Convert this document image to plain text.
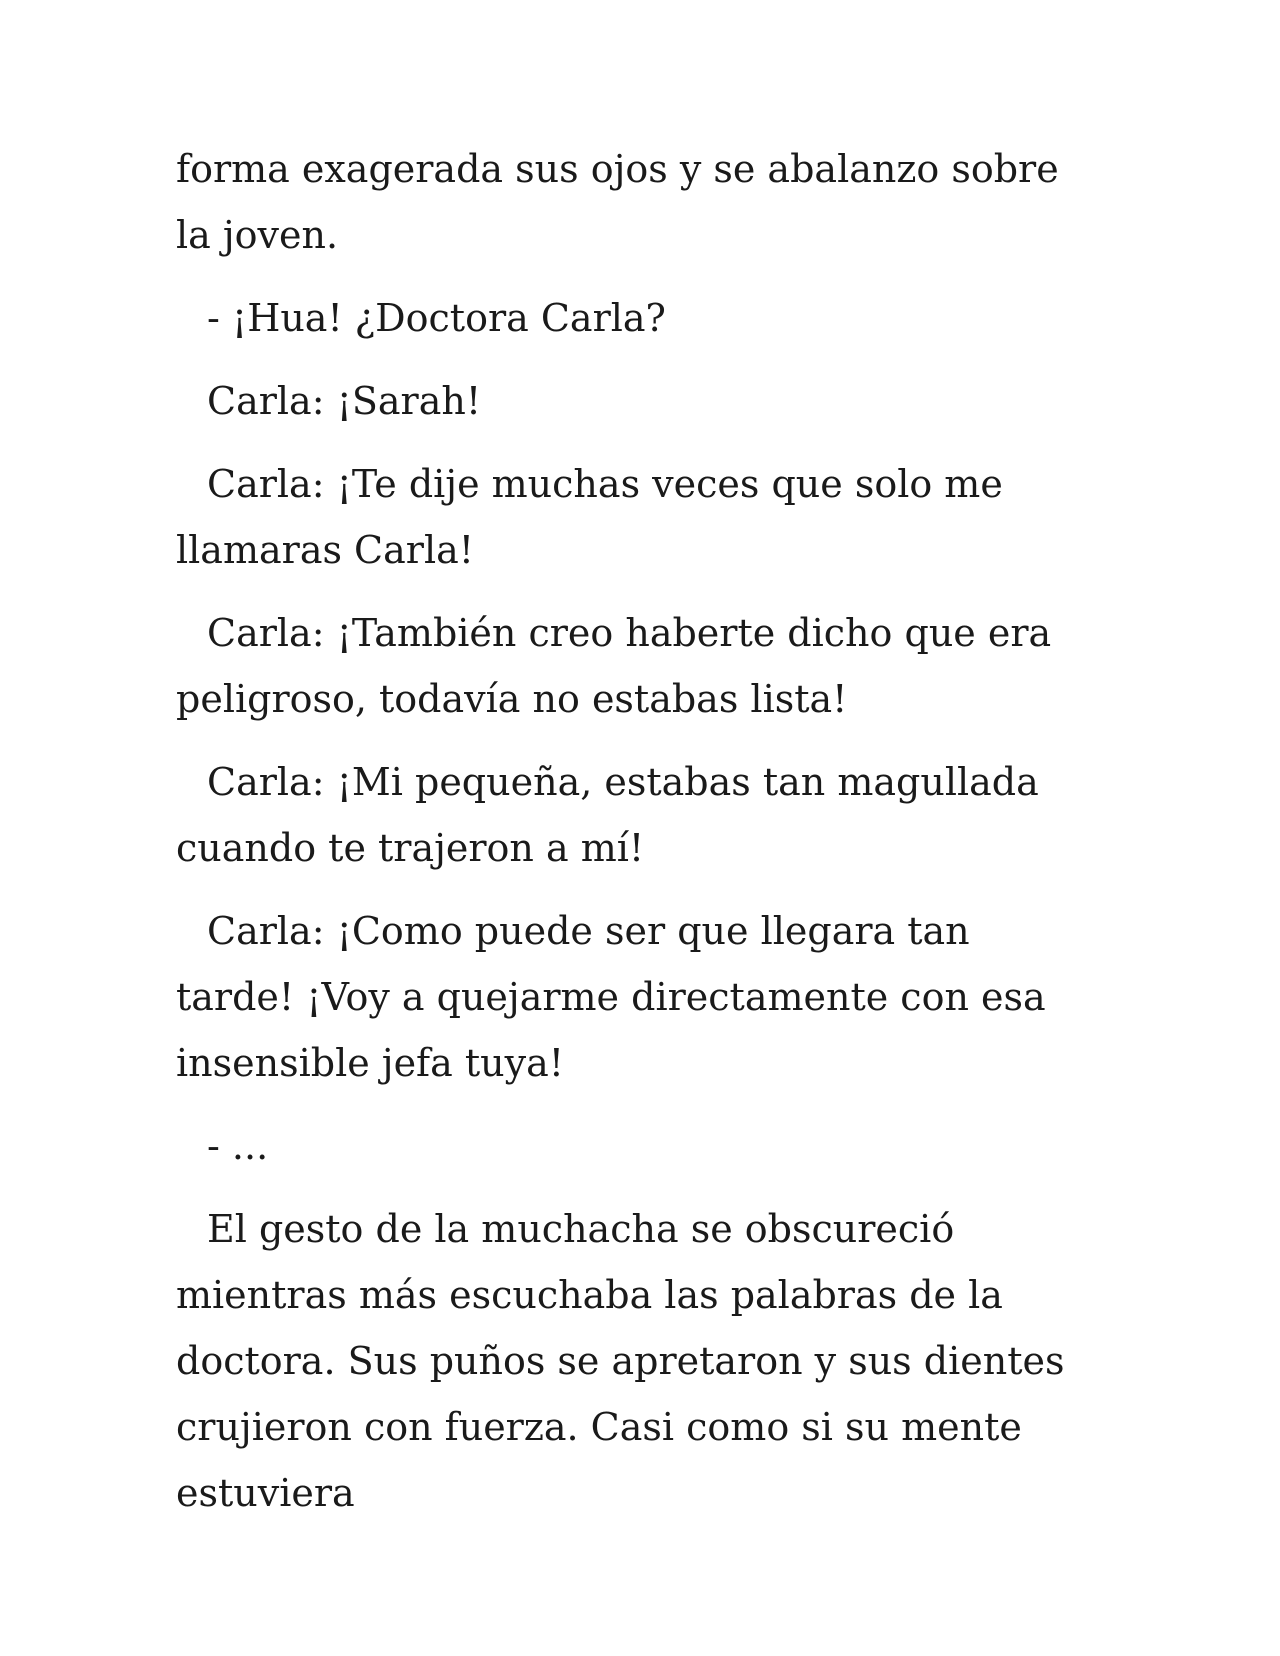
forma exagerada sus ojos y se abalanzo sobre la joven.

- ¡Hua! ¿Doctora Carla?

Carla: ¡Sarah!

Carla: ¡Te dije muchas veces que solo me llamaras Carla!

Carla: ¡También creo haberte dicho que era peligroso, todavía no estabas lista!

Carla: ¡Mi pequeña, estabas tan magullada cuando te trajeron a mí!

Carla: ¡Como puede ser que llegara tan tarde! ¡Voy a quejarme directamente con esa insensible jefa tuya!

- ...

El gesto de la muchacha se obscureció mientras más escuchaba las palabras de la doctora. Sus puños se apretaron y sus dientes crujieron con fuerza. Casi como si su mente estuviera
